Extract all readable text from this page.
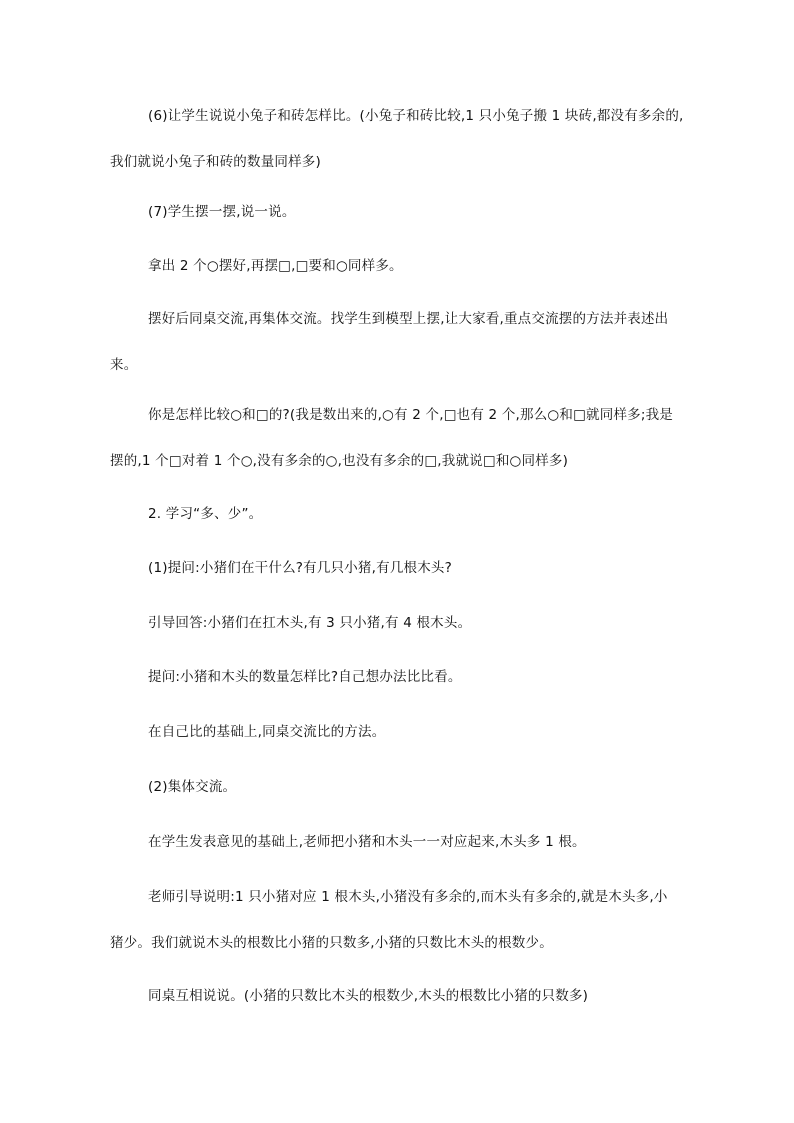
(6)让学生说说小兔子和砖怎样比。(小兔子和砖比较,1 只小兔子搬 1 块砖,都没有多余的,
我们就说小兔子和砖的数量同样多)
(7)学生摆一摆,说一说。
拿出 2 个○摆好,再摆□,□要和○同样多。
摆好后同桌交流,再集体交流。找学生到模型上摆,让大家看,重点交流摆的方法并表述出
来。
你是怎样比较○和□的?(我是数出来的,○有 2 个,□也有 2 个,那么○和□就同样多;我是
摆的,1 个□对着 1 个○,没有多余的○,也没有多余的□,我就说□和○同样多)
2. 学习“多、少”。
(1)提问:小猪们在干什么?有几只小猪,有几根木头?
引导回答:小猪们在扛木头,有 3 只小猪,有 4 根木头。
提问:小猪和木头的数量怎样比?自己想办法比比看。
在自己比的基础上,同桌交流比的方法。
(2)集体交流。
在学生发表意见的基础上,老师把小猪和木头一一对应起来,木头多 1 根。
老师引导说明:1 只小猪对应 1 根木头,小猪没有多余的,而木头有多余的,就是木头多,小
猪少。我们就说木头的根数比小猪的只数多,小猪的只数比木头的根数少。
同桌互相说说。(小猪的只数比木头的根数少,木头的根数比小猪的只数多)
